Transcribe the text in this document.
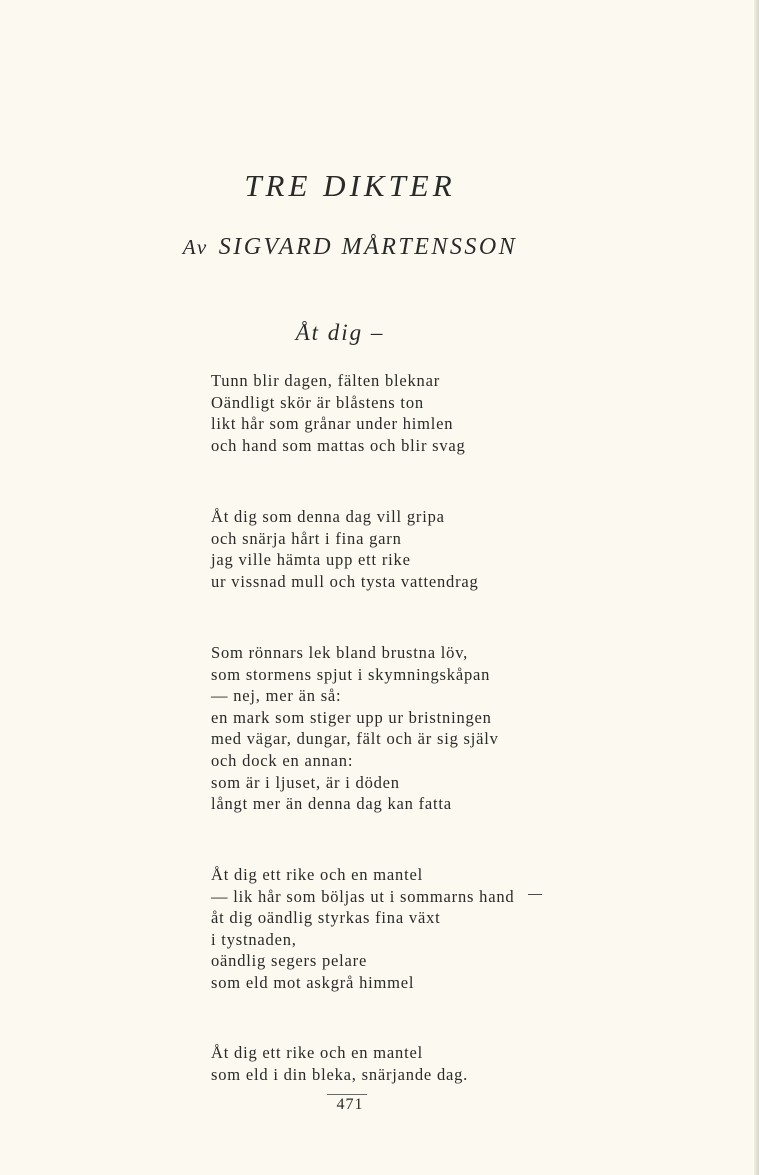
TRE DIKTER
Av SIGVARD MÅRTENSSON
Åt dig –
Tunn blir dagen, fälten bleknar
Oändligt skör är blåstens ton
likt hår som grånar under himlen
och hand som mattas och blir svag
Åt dig som denna dag vill gripa
och snärja hårt i fina garn
jag ville hämta upp ett rike
ur vissnad mull och tysta vattendrag
Som rönnars lek bland brustna löv,
som stormens spjut i skymningskåpan
— nej, mer än så:
en mark som stiger upp ur bristningen
med vägar, dungar, fält och är sig själv
och dock en annan:
som är i ljuset, är i döden
långt mer än denna dag kan fatta
Åt dig ett rike och en mantel
— lik hår som böljas ut i sommarns hand
åt dig oändlig styrkas fina växt
i tystnaden,
oändlig segers pelare
som eld mot askgrå himmel
Åt dig ett rike och en mantel
som eld i din bleka, snärjande dag.
471
